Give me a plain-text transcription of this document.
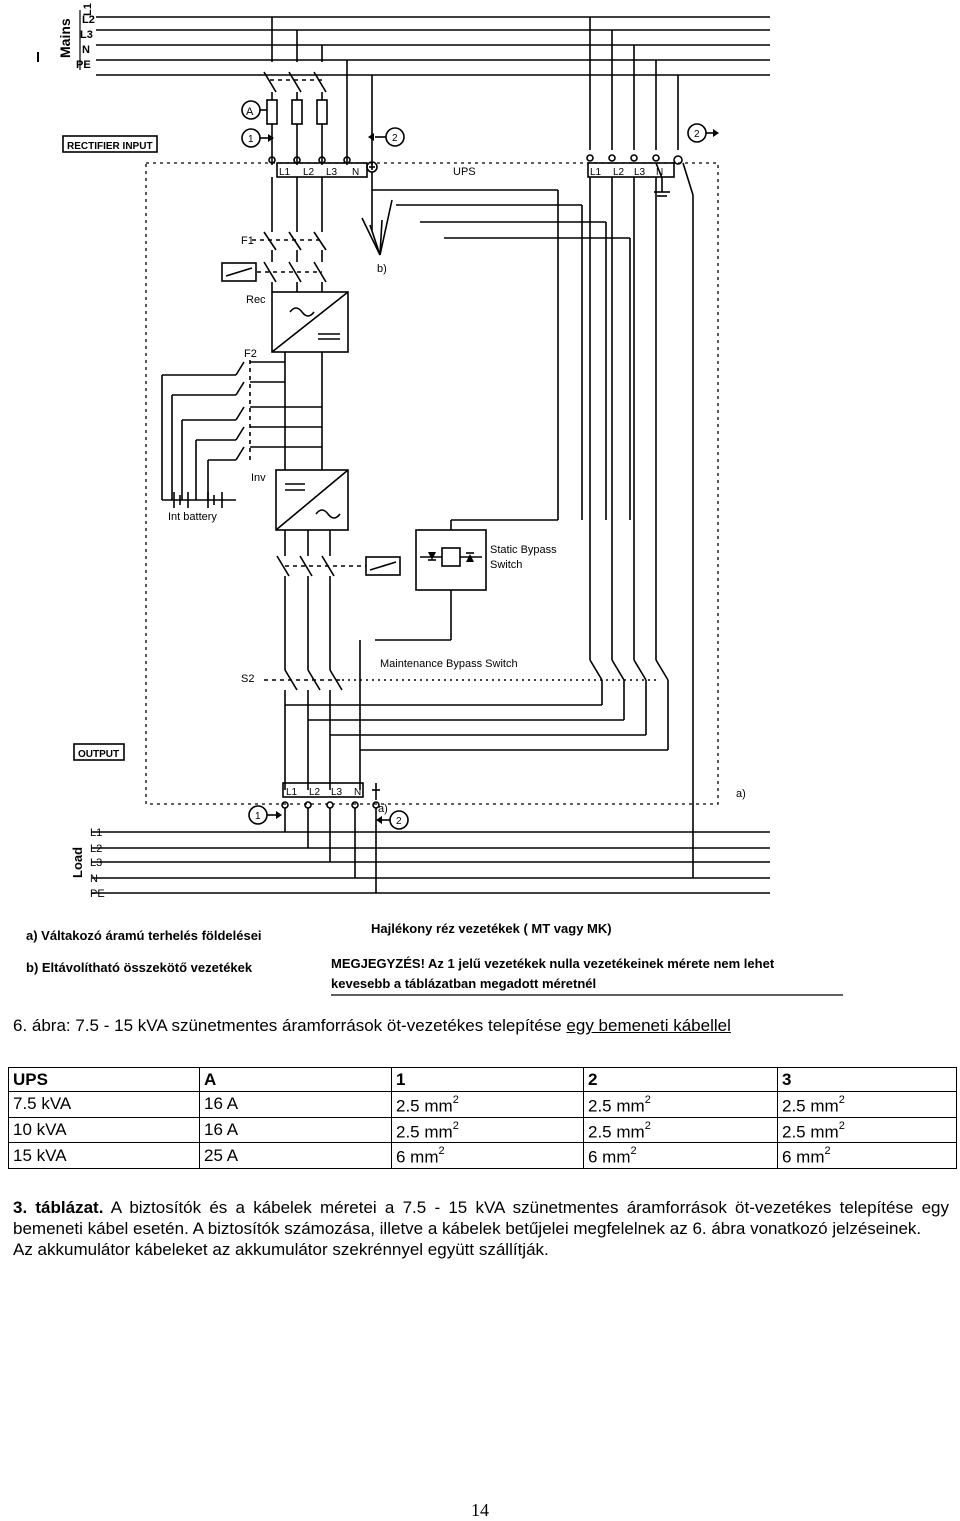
Mains
L1
L2
L3
N
PE
A
1	2	2
RECTIFIER INPUT
L1 L2 L3 N	UPS	L1 L2 L3 N
b)
F1
Rec
F2
Int battery
Inv
Static Bypass
Switch
Maintenance Bypass Switch
S2
OUTPUT
L1 L2 L3 N
a)
a)
1	2
Load
L1
L2
L3
N
PE
a) Váltakozó áramú terhelés földelései
b) Eltávolítható összekötő vezetékek
Hajlékony réz vezetékek ( MT vagy MK)
MEGJEGYZÉS! Az 1 jelű vezetékek nulla vezetékeinek mérete nem lehet
kevesebb a táblázatban megadott méretnél
6. ábra: 7.5 - 15 kVA szünetmentes áramforrások öt-vezetékes telepítése egy bemeneti kábellel
UPS	A	1	2	3
7.5 kVA	16 A	2.5 $mm^2$	2.5 $mm^2$	2.5 $mm^2$
10 kVA	16 A	2.5 $mm^2$	2.5 $mm^2$	2.5 $mm^2$
15 kVA	25 A	6 $mm^2$	6 $mm^2$	6 $mm^2$

3. táblázat. A biztosítók és a kábelek méretei a 7.5 - 15 kVA szünetmentes áramforrások öt-vezetékes telepítése egy bemeneti kábel esetén. A biztosítók számozása, illetve a kábelek betűjelei megfelelnek az 6. ábra vonatkozó jelzéseinek.

Az akkumulátor kábeleket az akkumulátor szekrénnyel együtt szállítják.

14
